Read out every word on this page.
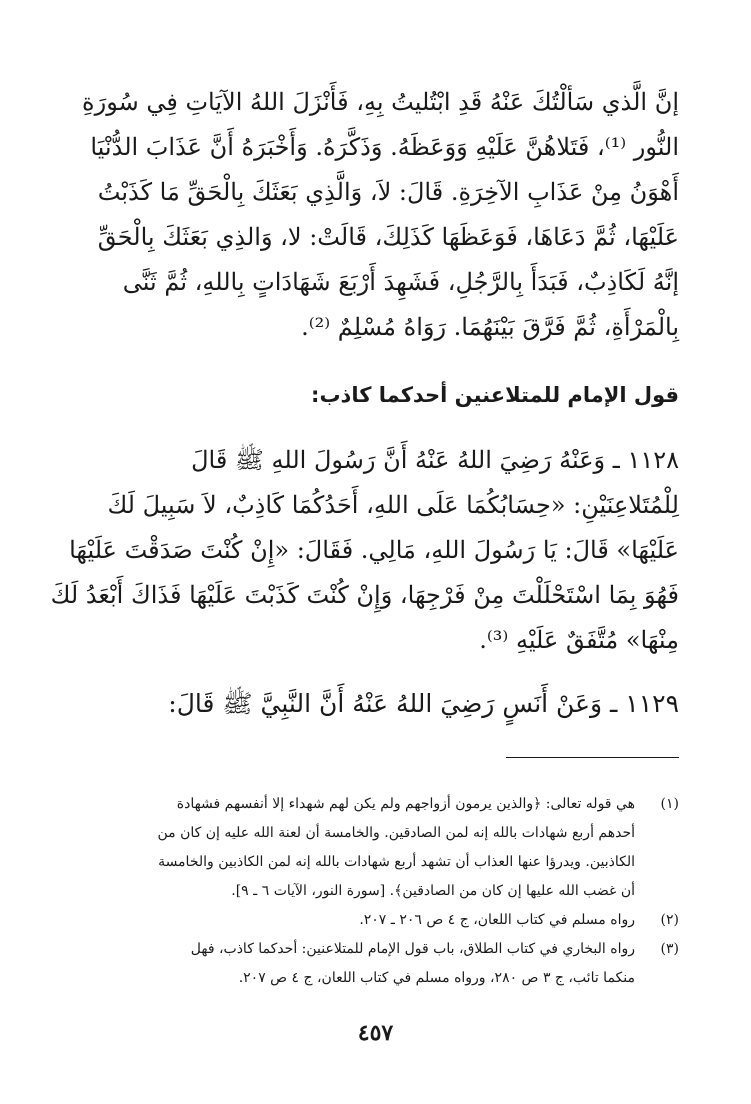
إنَّ الَّذي سَألْتُكَ عَنْهُ قَدِ ابْتُليتُ بِهِ، فَأَنْزَلَ اللهُ الآيَاتِ فِي سُورَةِ
النُّور ⁽¹⁾، فَتَلاهُنَّ عَلَيْهِ وَوَعَظَهُ. وَذَكَّرَهُ. وَأَخْبَرَهُ أَنَّ عَذَابَ الدُّنْيَا
أَهْوَنُ مِنْ عَذَابِ الآخِرَةِ. قَالَ: لاَ، وَالَّذِي بَعَثَكَ بِالْحَقِّ مَا كَذَبْتُ
عَلَيْهَا، ثُمَّ دَعَاهَا، فَوَعَظَهَا كَذَلِكَ، قَالَتْ: لا، وَالذِي بَعَثَكَ بِالْحَقِّ
إنَّهُ لَكَاذِبٌ، فَبَدَأَ بِالرَّجُلِ، فَشَهِدَ أَرْبَعَ شَهَادَاتٍ بِاللهِ، ثُمَّ ثَنَّى
بِالْمَرْأَةِ، ثُمَّ فَرَّقَ بَيْنَهُمَا. رَوَاهُ مُسْلِمٌ ⁽²⁾.
قول الإمام للمتلاعنين أحدكما كاذب:
١١٢٨ ـ وَعَنْهُ رَضِيَ اللهُ عَنْهُ أَنَّ رَسُولَ اللهِ ﷺ قَالَ
لِلْمُتَلاعِنَيْنِ: «حِسَابُكُمَا عَلَى اللهِ، أَحَدُكُمَا كَاذِبٌ، لاَ سَبِيلَ لَكَ
عَلَيْهَا» قَالَ: يَا رَسُولَ اللهِ، مَالِي. فَقَالَ: «إِنْ كُنْتَ صَدَقْتَ عَلَيْهَا
فَهُوَ بِمَا اسْتَحْلَلْتَ مِنْ فَرْجِهَا، وَإِنْ كُنْتَ كَذَبْتَ عَلَيْهَا فَذَاكَ أَبْعَدُ لَكَ
مِنْهَا» مُتَّفَقٌ عَلَيْهِ ⁽³⁾.
١١٢٩ ـ وَعَنْ أَنَسٍ رَضِيَ اللهُ عَنْهُ أَنَّ النَّبِيَّ ﷺ قَالَ:
(١)
هي قوله تعالى: ﴿والذين يرمون أزواجهم ولم يكن لهم شهداء إلا أنفسهم فشهادة
أحدهم أربع شهادات بالله إنه لمن الصادقين. والخامسة أن لعنة الله عليه إن كان من
الكاذبين. ويدرؤا عنها العذاب أن تشهد أربع شهادات بالله إنه لمن الكاذبين والخامسة
أن غضب الله عليها إن كان من الصادقين﴾. [سورة النور، الآيات ٦ ـ ٩].
(٢)
رواه مسلم في كتاب اللعان، ج ٤ ص ٢٠٦ ـ ٢٠٧.
(٣)
رواه البخاري في كتاب الطلاق، باب قول الإمام للمتلاعنين: أحدكما كاذب، فهل
منكما تائب، ج ٣ ص ٢٨٠، ورواه مسلم في كتاب اللعان، ج ٤ ص ٢٠٧.
٤٥٧
